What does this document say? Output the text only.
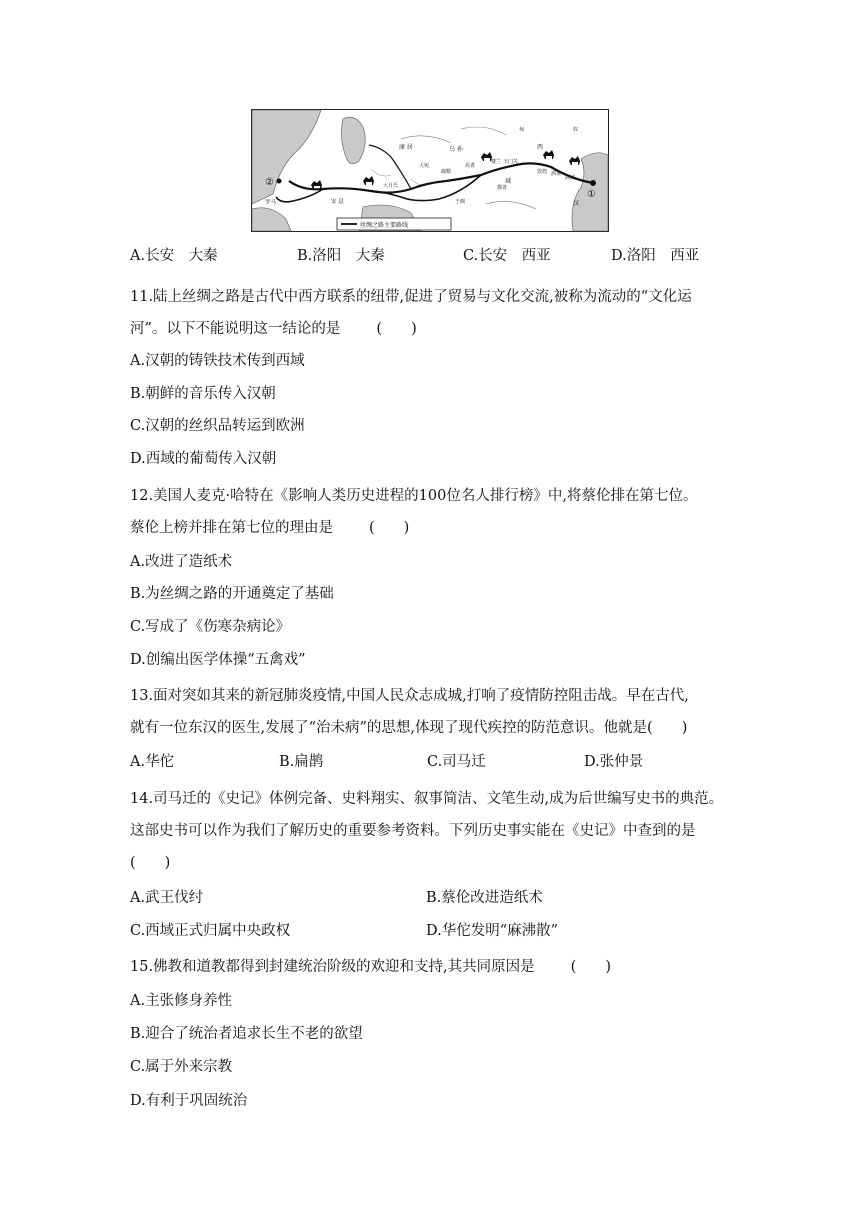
①
②
罗马	安 息
大月氏
大宛
康 居	乌 孙
疏勒
焉耆
楼兰 玉门关
敦煌 酒泉
武威
鄯善
于阗
匈	奴
西
域
汉
丝绸之路主要路线
A.长安　大秦	B.洛阳　大秦	C.长安　西亚	D.洛阳　西亚
11.陆上丝绸之路是古代中西方联系的纽带,促进了贸易与文化交流,被称为流动的“文化运
河”。以下不能说明这一结论的是 (　　)
A.汉朝的铸铁技术传到西域
B.朝鲜的音乐传入汉朝
C.汉朝的丝织品转运到欧洲
D.西域的葡萄传入汉朝
12.美国人麦克·哈特在《影响人类历史进程的100位名人排行榜》中,将蔡伦排在第七位。
蔡伦上榜并排在第七位的理由是 (　　)
A.改进了造纸术
B.为丝绸之路的开通奠定了基础
C.写成了《伤寒杂病论》
D.创编出医学体操“五禽戏”
13.面对突如其来的新冠肺炎疫情,中国人民众志成城,打响了疫情防控阻击战。早在古代,
就有一位东汉的医生,发展了“治未病”的思想,体现了现代疾控的防范意识。他就是(　　)
A.华佗	B.扁鹊	C.司马迁	D.张仲景
14.司马迁的《史记》体例完备、史料翔实、叙事简洁、文笔生动,成为后世编写史书的典范。
这部史书可以作为我们了解历史的重要参考资料。下列历史事实能在《史记》中查到的是
(　　)
A.武王伐纣	B.蔡伦改进造纸术
C.西域正式归属中央政权	D.华佗发明“麻沸散”
15.佛教和道教都得到封建统治阶级的欢迎和支持,其共同原因是 (　　)
A.主张修身养性
B.迎合了统治者追求长生不老的欲望
C.属于外来宗教
D.有利于巩固统治
